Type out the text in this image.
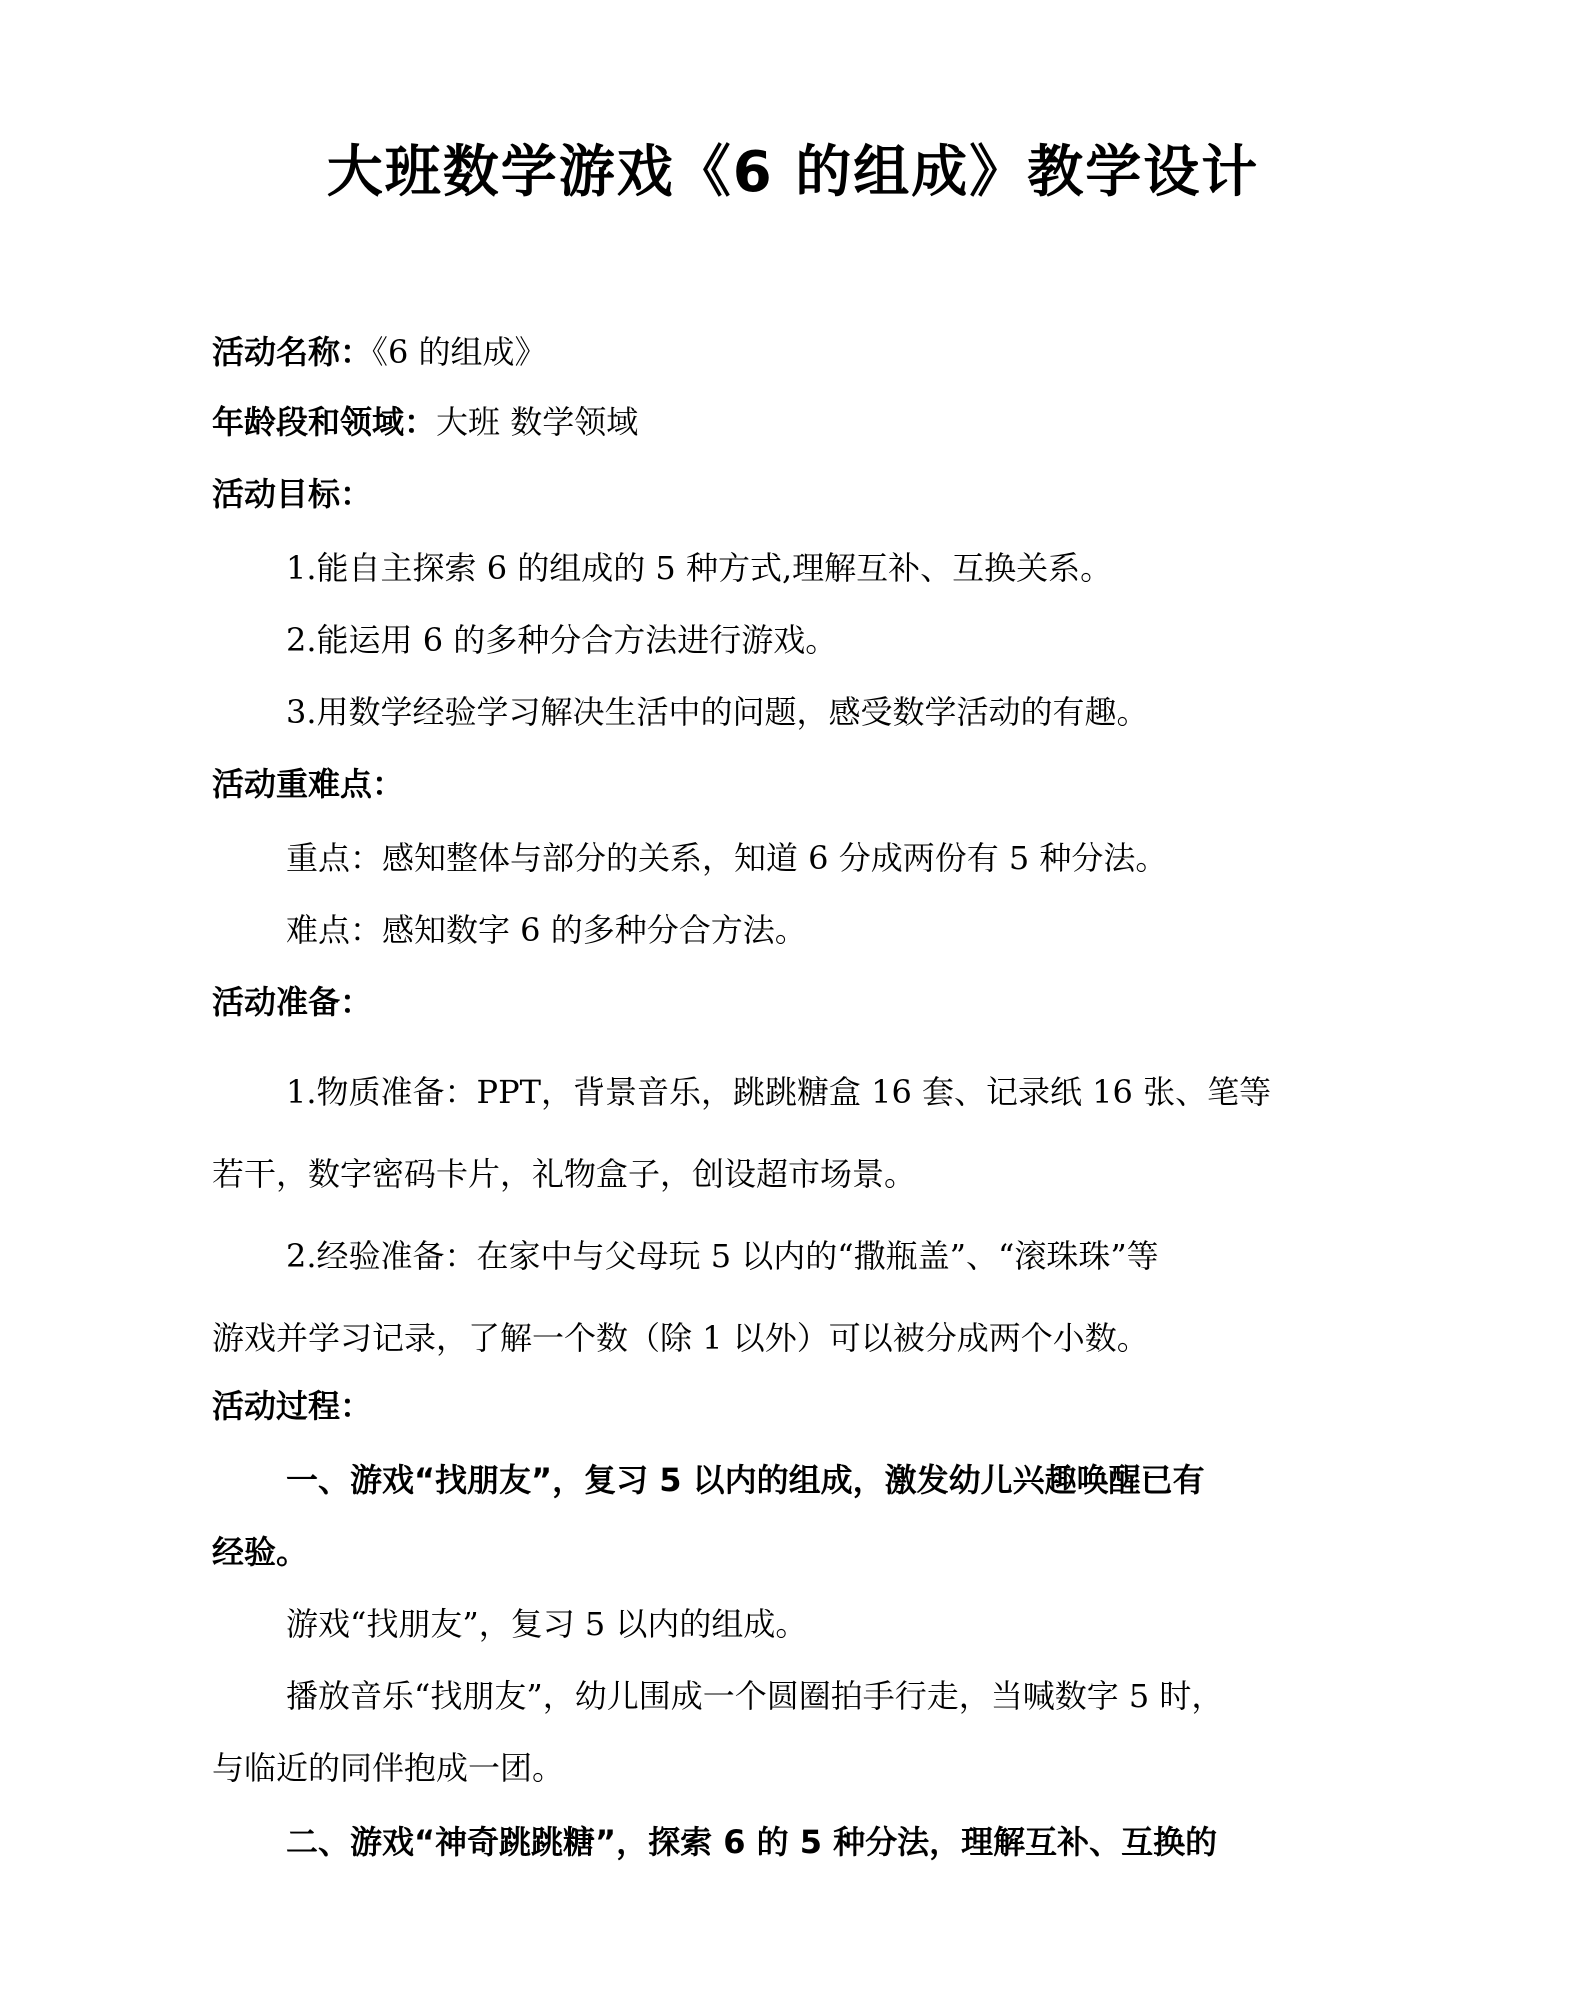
大班数学游戏《6 的组成》教学设计
活动名称：《6 的组成》
年龄段和领域：大班 数学领域
活动目标：
1.能自主探索 6 的组成的 5 种方式,理解互补、互换关系。
2.能运用 6 的多种分合方法进行游戏。
3.用数学经验学习解决生活中的问题，感受数学活动的有趣。
活动重难点：
重点：感知整体与部分的关系，知道 6 分成两份有 5 种分法。
难点：感知数字 6 的多种分合方法。
活动准备：
1.物质准备：PPT，背景音乐，跳跳糖盒 16 套、记录纸 16 张、笔等
若干，数字密码卡片，礼物盒子，创设超市场景。
2.经验准备：在家中与父母玩 5 以内的“撒瓶盖”、“滚珠珠”等
游戏并学习记录，了解一个数（除 1 以外）可以被分成两个小数。
活动过程：
一、游戏“找朋友”，复习 5 以内的组成，激发幼儿兴趣唤醒已有
经验。
游戏“找朋友”，复习 5 以内的组成。
播放音乐“找朋友”，幼儿围成一个圆圈拍手行走，当喊数字 5 时，
与临近的同伴抱成一团。
二、游戏“神奇跳跳糖”，探索 6 的 5 种分法，理解互补、互换的
